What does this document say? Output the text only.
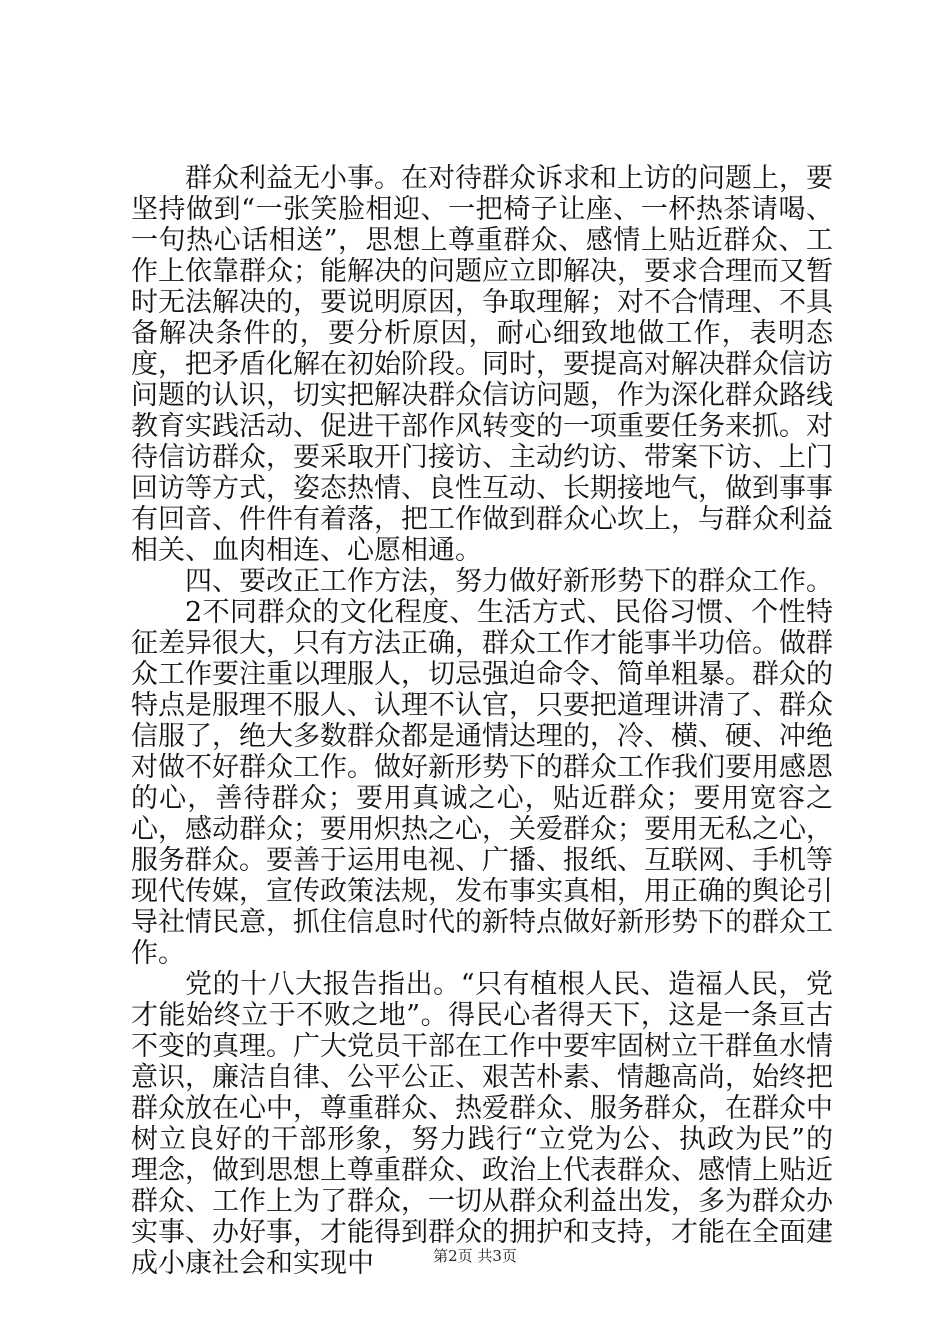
群众利益无小事。在对待群众诉求和上访的问题上，要坚持做到“一张笑脸相迎、一把椅子让座、一杯热茶请喝、一句热心话相送”，思想上尊重群众、感情上贴近群众、工作上依靠群众；能解决的问题应立即解决，要求合理而又暂时无法解决的，要说明原因，争取理解；对不合情理、不具备解决条件的，要分析原因，耐心细致地做工作，表明态度，把矛盾化解在初始阶段。同时，要提高对解决群众信访问题的认识，切实把解决群众信访问题，作为深化群众路线教育实践活动、促进干部作风转变的一项重要任务来抓。对待信访群众，要采取开门接访、主动约访、带案下访、上门回访等方式，姿态热情、良性互动、长期接地气，做到事事有回音、件件有着落，把工作做到群众心坎上，与群众利益相关、血肉相连、心愿相通。

四、要改正工作方法，努力做好新形势下的群众工作。

2不同群众的文化程度、生活方式、民俗习惯、个性特征差异很大，只有方法正确，群众工作才能事半功倍。做群众工作要注重以理服人，切忌强迫命令、简单粗暴。群众的特点是服理不服人、认理不认官，只要把道理讲清了、群众信服了，绝大多数群众都是通情达理的，冷、横、硬、冲绝对做不好群众工作。做好新形势下的群众工作我们要用感恩的心，善待群众；要用真诚之心，贴近群众；要用宽容之心，感动群众；要用炽热之心，关爱群众；要用无私之心，服务群众。要善于运用电视、广播、报纸、互联网、手机等现代传媒，宣传政策法规，发布事实真相，用正确的舆论引导社情民意，抓住信息时代的新特点做好新形势下的群众工作。

党的十八大报告指出。“只有植根人民、造福人民，党才能始终立于不败之地”。得民心者得天下，这是一条亘古不变的真理。广大党员干部在工作中要牢固树立干群鱼水情意识，廉洁自律、公平公正、艰苦朴素、情趣高尚，始终把群众放在心中，尊重群众、热爱群众、服务群众，在群众中树立良好的干部形象，努力践行“立党为公、执政为民”的理念，做到思想上尊重群众、政治上代表群众、感情上贴近群众、工作上为了群众，一切从群众利益出发，多为群众办实事、办好事，才能得到群众的拥护和支持，才能在全面建成小康社会和实现中	第2页 共3页
